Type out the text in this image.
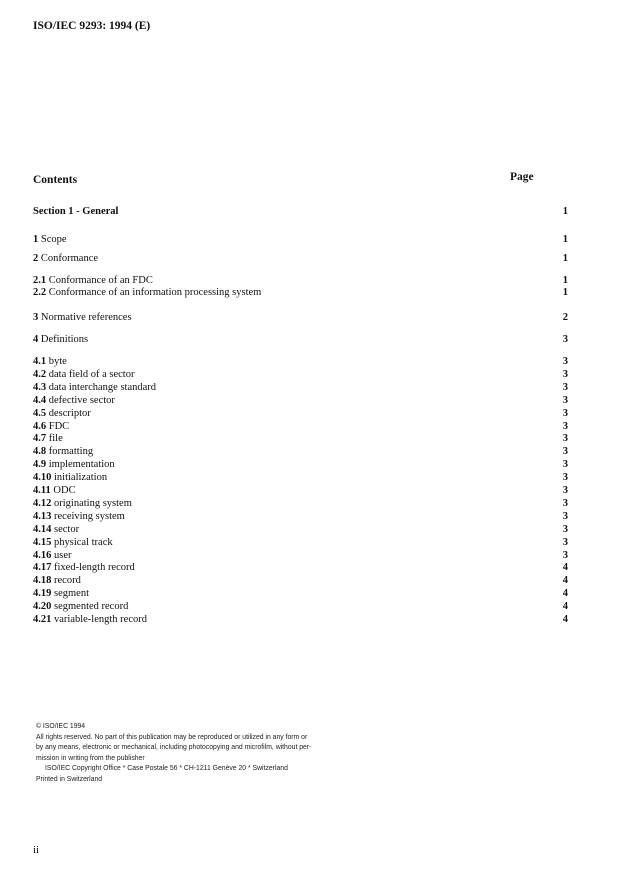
ISO/IEC 9293: 1994 (E)
Contents	Page
Section 1 - General	1
1 Scope	1
2 Conformance	1
2.1 Conformance of an FDC	1
2.2 Conformance of an information processing system	1
3 Normative references	2
4 Definitions	3
4.1 byte	3
4.2 data field of a sector	3
4.3 data interchange standard	3
4.4 defective sector	3
4.5 descriptor	3
4.6 FDC	3
4.7 file	3
4.8 formatting	3
4.9 implementation	3
4.10 initialization	3
4.11 ODC	3
4.12 originating system	3
4.13 receiving system	3
4.14 sector	3
4.15 physical track	3
4.16 user	3
4.17 fixed-length record	4
4.18 record	4
4.19 segment	4
4.20 segmented record	4
4.21 variable-length record	4
© ISO/IEC 1994
All rights reserved. No part of this publication may be reproduced or utilized in any form or
by any means, electronic or mechanical, including photocopying and microfilm, without per-
mission in writing from the publisher
ISO/IEC Copyright Office * Case Postale 56 * CH-1211 Genève 20 * Switzerland
Printed in Switzerland
ii
